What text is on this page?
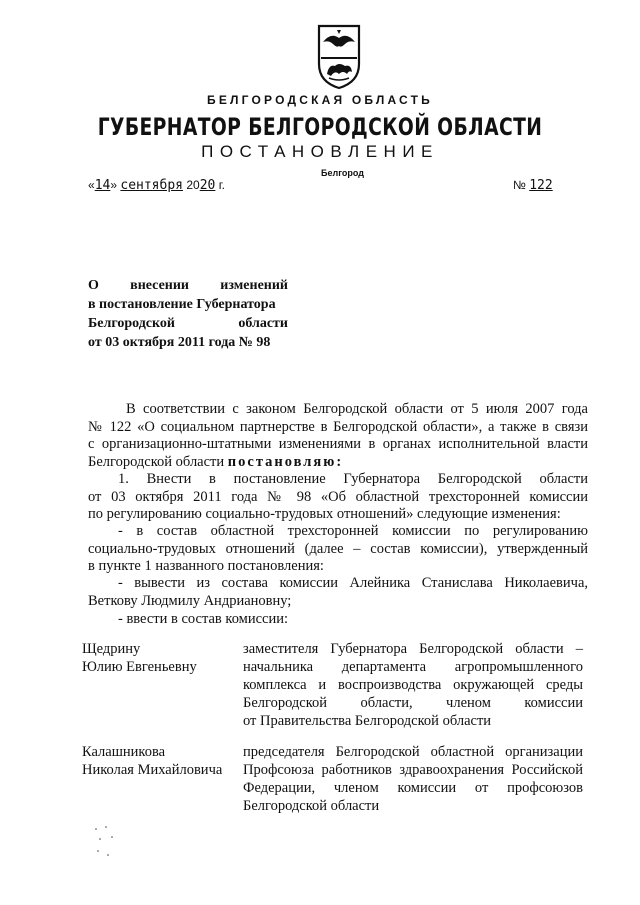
БЕЛГОРОДСКАЯ ОБЛАСТЬ
ГУБЕРНАТОР БЕЛГОРОДСКОЙ ОБЛАСТИ
ПОСТАНОВЛЕНИЕ
Белгород
«14» сентября 2020 г.	№ 122
О внесении изменений
в постановление Губернатора
Белгородской	области
от 03 октября 2011 года № 98
В соответствии с законом Белгородской области от 5 июля 2007 года
№ 122 «О социальном партнерстве в Белгородской области», а также в связи
с организационно-штатными изменениями в органах исполнительной власти
Белгородской области постановляю:
1. Внести в постановление Губернатора Белгородской области
от 03 октября 2011 года № 98 «Об областной трехсторонней комиссии
по регулированию социально-трудовых отношений» следующие изменения:
- в состав областной трехсторонней комиссии по регулированию
социально-трудовых отношений (далее – состав комиссии), утвержденный
в пункте 1 названного постановления:
- вывести из состава комиссии Алейника Станислава Николаевича,
Веткову Людмилу Андриановну;
- ввести в состав комиссии:
Щедрину
Юлию Евгеньевну
заместителя Губернатора Белгородской области –
начальника департамента агропромышленного
комплекса и воспроизводства окружающей среды
Белгородской области, членом комиссии
от Правительства Белгородской области
Калашникова
Николая Михайловича
председателя Белгородской областной организации
Профсоюза работников здравоохранения Российской
Федерации, членом комиссии от профсоюзов
Белгородской области
